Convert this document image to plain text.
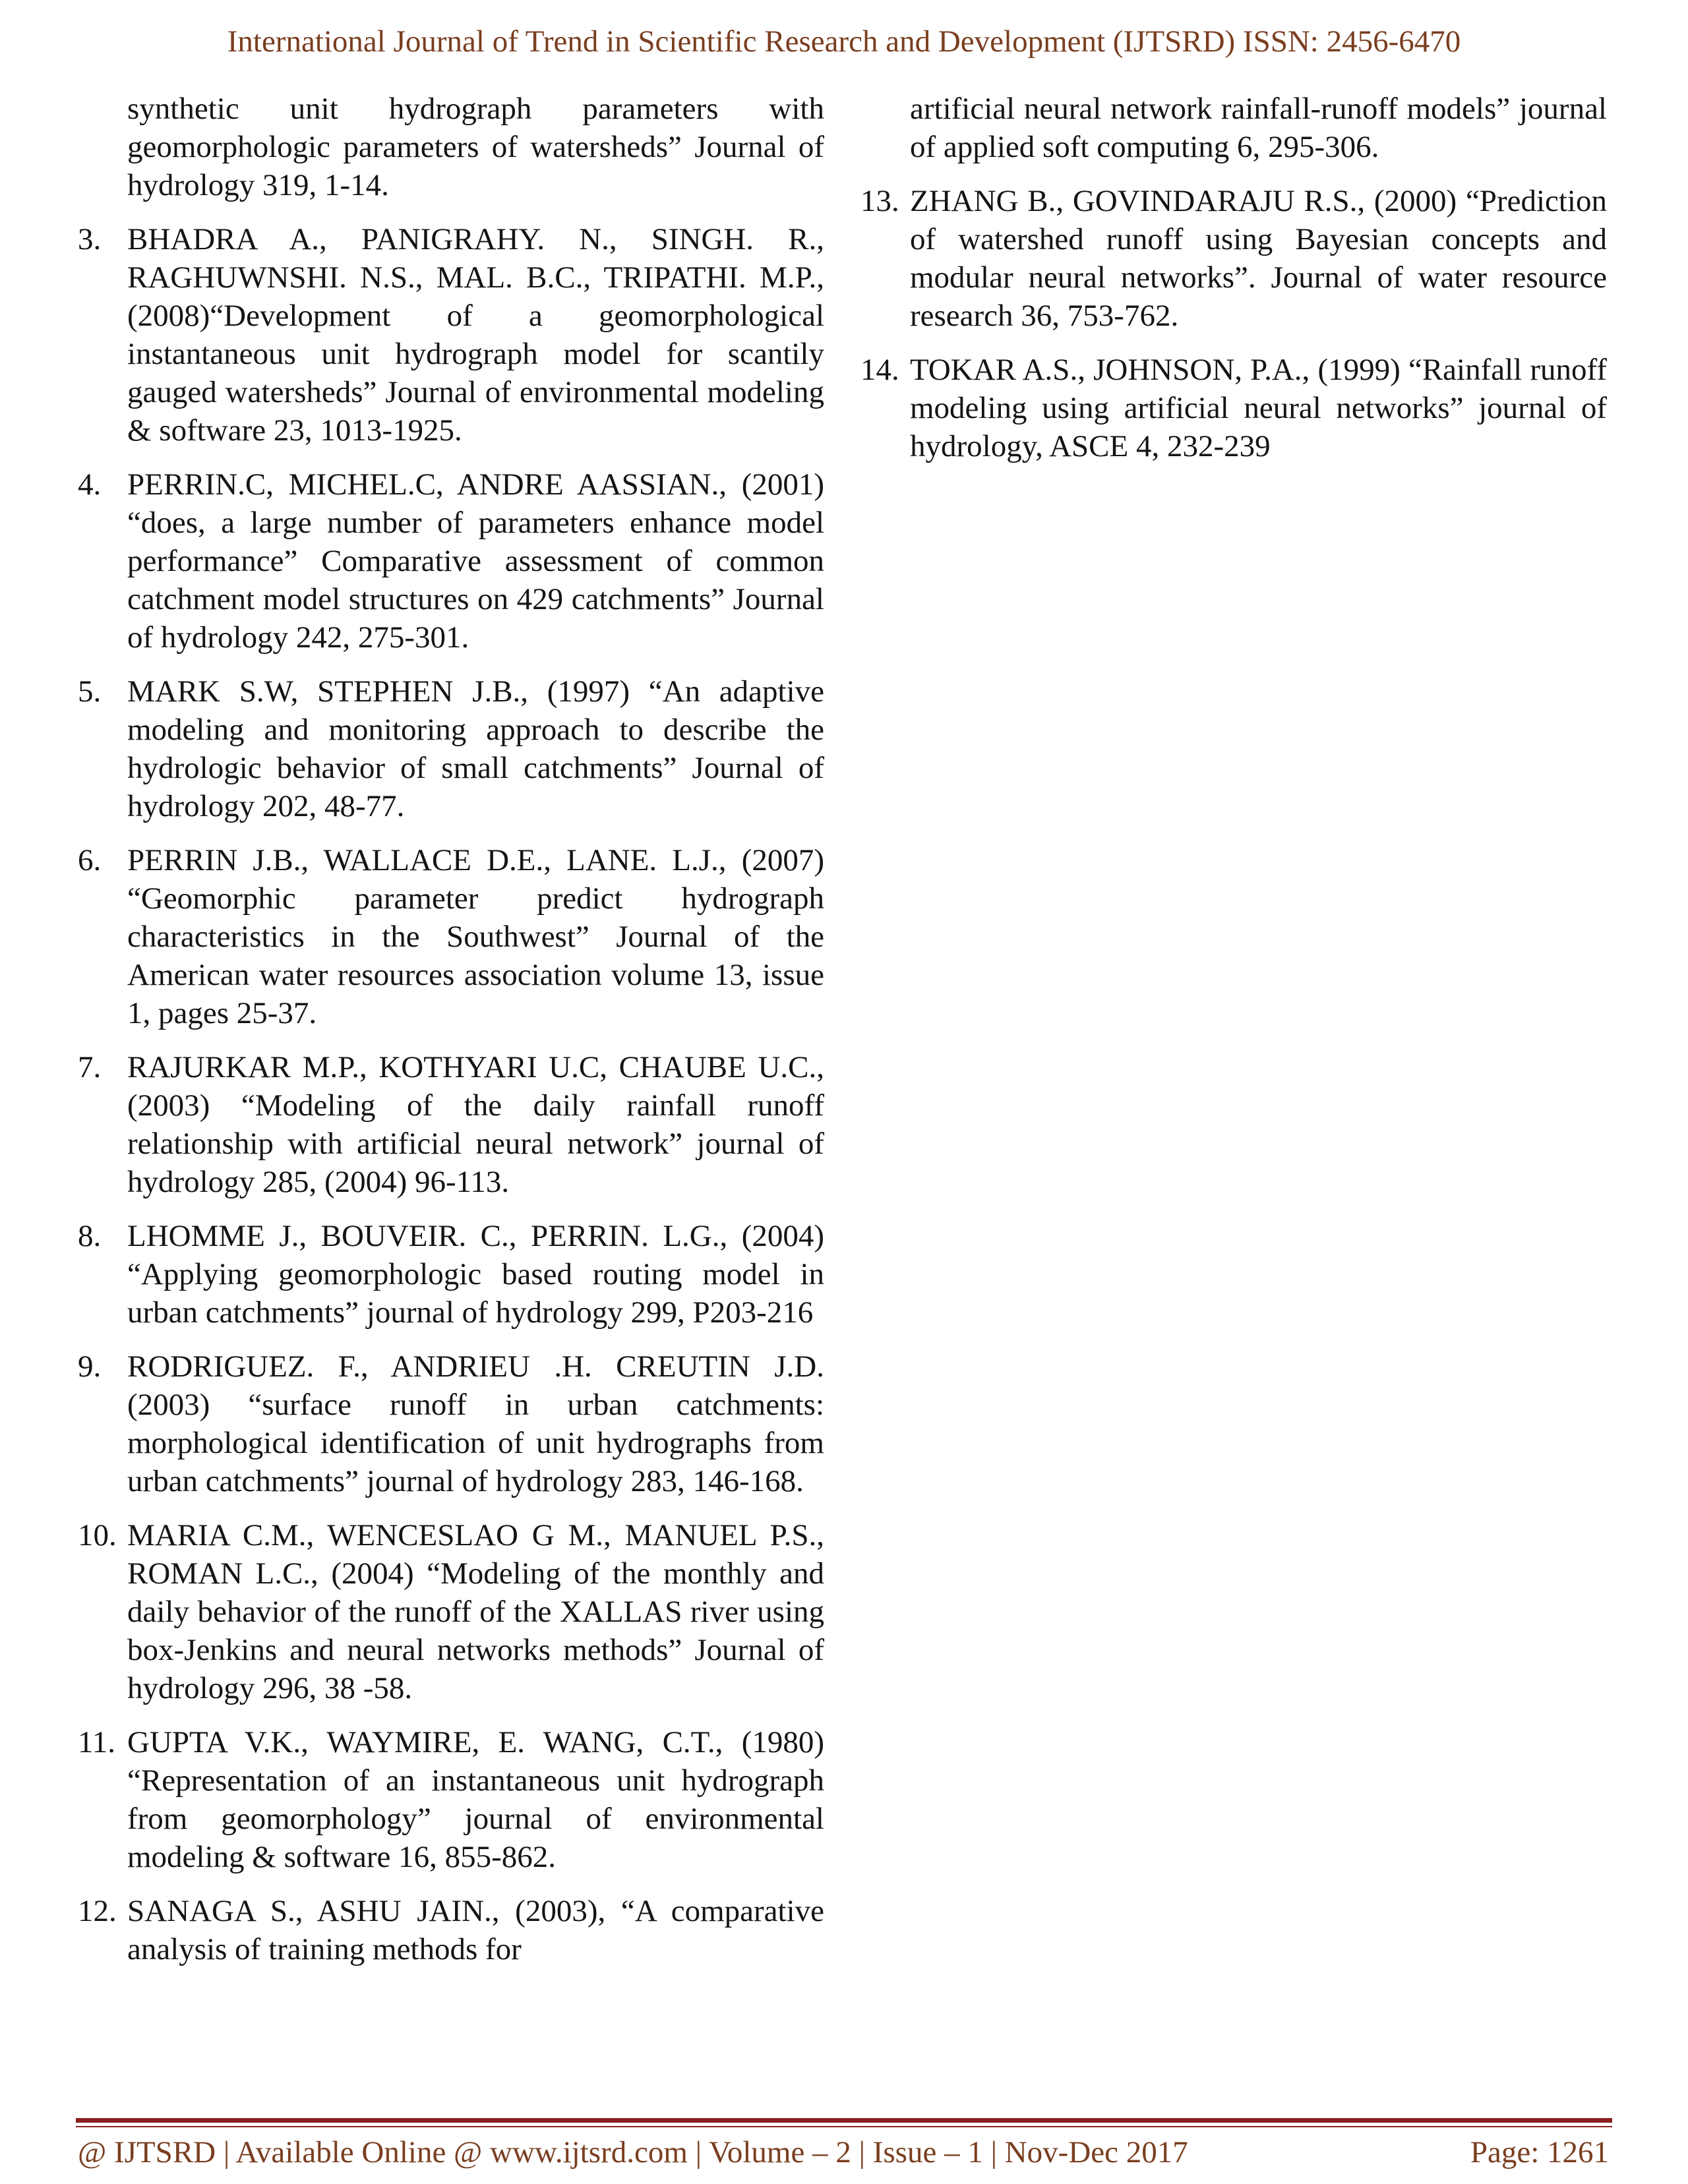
International Journal of Trend in Scientific Research and Development (IJTSRD) ISSN: 2456-6470
synthetic unit hydrograph parameters with geomorphologic parameters of watersheds” Journal of hydrology 319, 1-14.
3. BHADRA A., PANIGRAHY. N., SINGH. R., RAGHUWNSHI. N.S., MAL. B.C., TRIPATHI. M.P., (2008)“Development of a geomorphological instantaneous unit hydrograph model for scantily gauged watersheds” Journal of environmental modeling & software 23, 1013-1925.
4. PERRIN.C, MICHEL.C, ANDRE AASSIAN., (2001) “does, a large number of parameters enhance model performance” Comparative assessment of common catchment model structures on 429 catchments” Journal of hydrology 242, 275-301.
5. MARK S.W, STEPHEN J.B., (1997) “An adaptive modeling and monitoring approach to describe the hydrologic behavior of small catchments” Journal of hydrology 202, 48-77.
6. PERRIN J.B., WALLACE D.E., LANE. L.J., (2007) “Geomorphic parameter predict hydrograph characteristics in the Southwest” Journal of the American water resources association volume 13, issue 1, pages 25-37.
7. RAJURKAR M.P., KOTHYARI U.C, CHAUBE U.C., (2003) “Modeling of the daily rainfall runoff relationship with artificial neural network” journal of hydrology 285, (2004) 96-113.
8. LHOMME J., BOUVEIR. C., PERRIN. L.G., (2004) “Applying geomorphologic based routing model in urban catchments” journal of hydrology 299, P203-216
9. RODRIGUEZ. F., ANDRIEU .H. CREUTIN J.D. (2003) “surface runoff in urban catchments: morphological identification of unit hydrographs from urban catchments” journal of hydrology 283, 146-168.
10. MARIA C.M., WENCESLAO G M., MANUEL P.S., ROMAN L.C., (2004) “Modeling of the monthly and daily behavior of the runoff of the XALLAS river using box-Jenkins and neural networks methods” Journal of hydrology 296, 38 -58.
11. GUPTA V.K., WAYMIRE, E. WANG, C.T., (1980) “Representation of an instantaneous unit hydrograph from geomorphology” journal of environmental modeling & software 16, 855-862.
12. SANAGA S., ASHU JAIN., (2003), “A comparative analysis of training methods for
artificial neural network rainfall-runoff models” journal of applied soft computing 6, 295-306.
13. ZHANG B., GOVINDARAJU R.S., (2000) “Prediction of watershed runoff using Bayesian concepts and modular neural networks”. Journal of water resource research 36, 753-762.
14. TOKAR A.S., JOHNSON, P.A., (1999) “Rainfall runoff modeling using artificial neural networks” journal of hydrology, ASCE 4, 232-239
@ IJTSRD | Available Online @ www.ijtsrd.com | Volume – 2 | Issue – 1 | Nov-Dec 2017	Page: 1261
